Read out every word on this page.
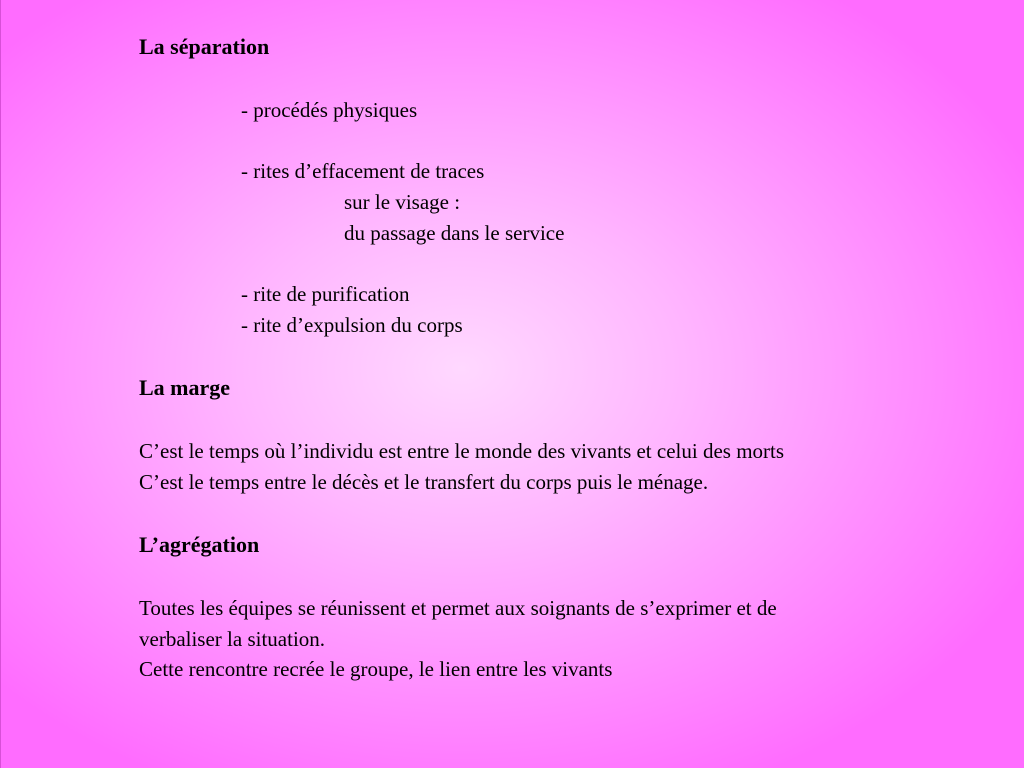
La séparation
- procédés physiques
- rites d’effacement de traces
sur le visage :
du passage dans le service
- rite de purification
- rite d’expulsion du corps
La marge
C’est le temps où l’individu est entre le monde des vivants et celui des morts
C’est le temps entre le décès et le transfert du corps puis le ménage.
L’agrégation
Toutes les équipes se réunissent et permet aux soignants de s’exprimer et de
verbaliser la situation.
Cette rencontre recrée le groupe, le lien entre les vivants
